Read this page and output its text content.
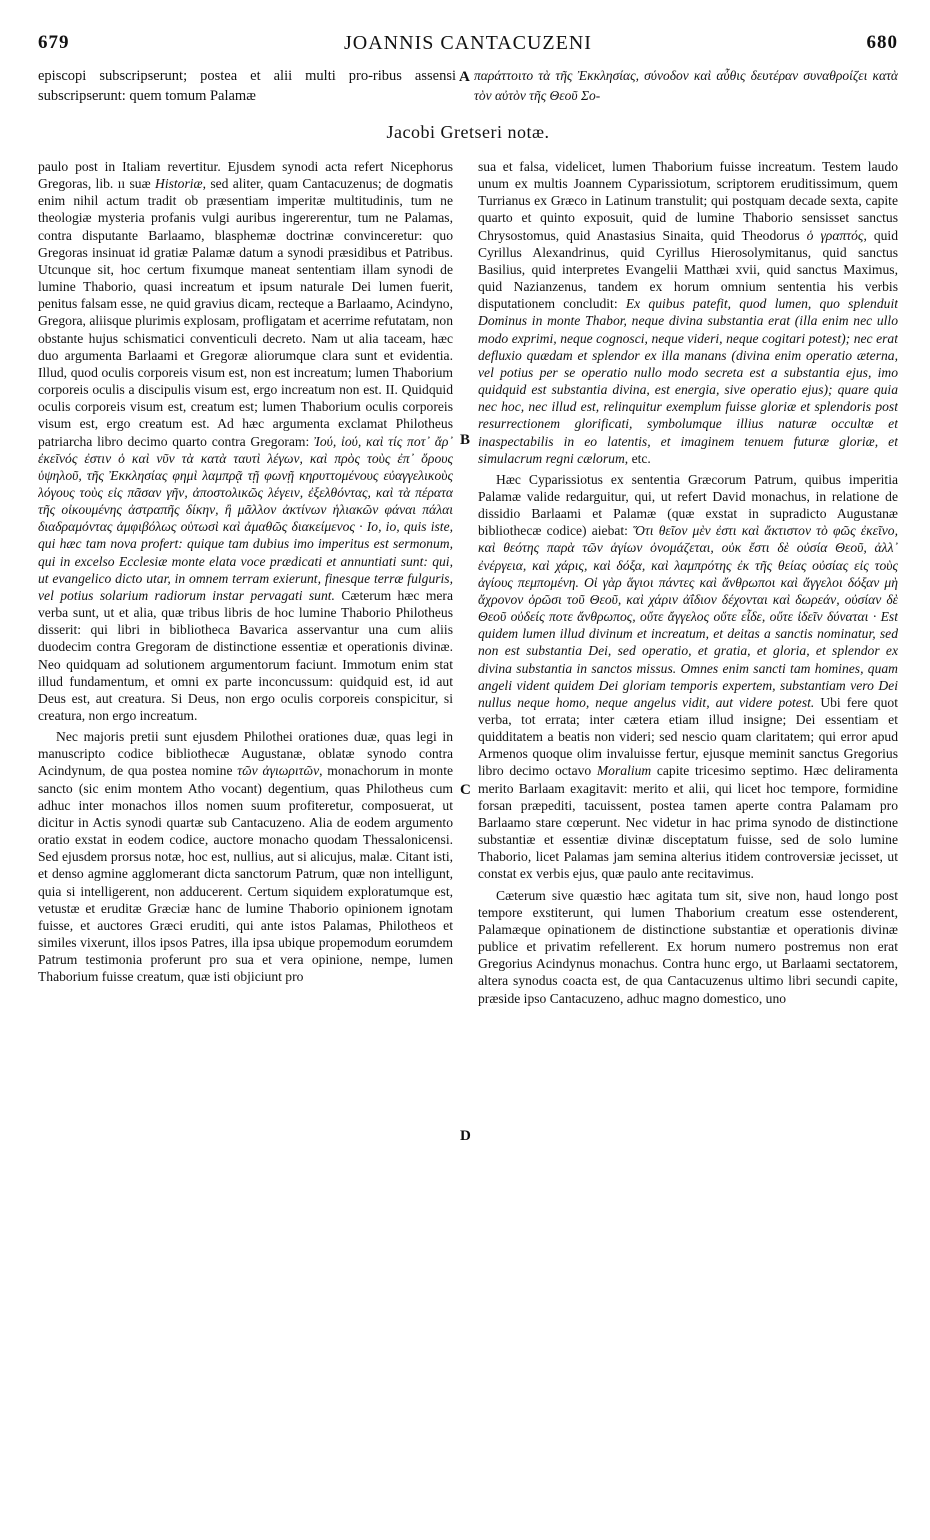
679	JOANNIS CANTACUZENI	680
episcopi subscripserunt; postea et alii multi pro-ribus assensi subscripserunt: quem tomum Palamæ
A παράττοιτο τὰ τῆς Ἐκκλησίας, σύνοδον καὶ αὖθις δευτέραν συναθροίζει κατὰ τὸν αὐτὸν τῆς Θεοῦ Σο-
Jacobi Gretseri notæ.
B
C
D

paulo post in Italiam revertitur. Ejusdem synodi acta refert Nicephorus Gregoras, lib. ıı suæ Historiæ, sed aliter, quam Cantacuzenus; de dogmatis enim nihil actum tradit ob præsentiam imperitæ multitudinis, tum ne theologiæ mysteria profanis vulgi auribus ingererentur, tum ne Palamas, contra disputante Barlaamo, blasphemæ doctrinæ convinceretur: quo Gregoras insinuat id gratiæ Palamæ datum a synodi præsidibus et Patribus. Utcunque sit, hoc certum fixumque maneat sententiam illam synodi de lumine Thaborio, quasi increatum et ipsum naturale Dei lumen fuerit, penitus falsam esse, ne quid gravius dicam, recteque a Barlaamo, Acindyno, Gregora, aliisque plurimis explosam, profligatam et acerrime refutatam, non obstante hujus schismatici conventiculi decreto. Nam ut alia taceam, hæc duo argumenta Barlaami et Gregoræ aliorumque clara sunt et evidentia. Illud, quod oculis corporeis visum est, non est increatum; lumen Thaborium corporeis oculis a discipulis visum est, ergo increatum non est. II. Quidquid oculis corporeis visum est, creatum est; lumen Thaborium oculis corporeis visum est, ergo creatum est. Ad hæc argumenta exclamat Philotheus patriarcha libro decimo quarto contra Gregoram: Ἰού, ἰού, καὶ τίς ποτ᾽ ἄρ᾽ ἐκεῖνός ἐστιν ὁ καὶ νῦν τὰ κατὰ ταυτὶ λέγων, καὶ πρὸς τοὺς ἐπ᾽ ὄρους ὑψηλοῦ, τῆς Ἐκκλησίας φημὶ λαμπρᾷ τῇ φωνῇ κηρυττομένους εὐαγγελικοὺς λόγους τοὺς εἰς πᾶσαν γῆν, ἀποστολικῶς λέγειν, ἐξελθόντας, καὶ τὰ πέρατα τῆς οἰκουμένης ἀστραπῆς δίκην, ἢ μᾶλλον ἀκτίνων ἡλιακῶν φάναι πάλαι διαδραμόντας ἀμφιβόλως οὑτωσὶ καὶ ἀμαθῶς διακείμενος · Io, io, quis iste, qui hæc tam nova profert: quique tam dubius imo imperitus est sermonum, qui in excelso Ecclesiæ monte elata voce prædicati et annuntiati sunt: qui, ut evangelico dicto utar, in omnem terram exierunt, finesque terræ fulguris, vel potius solarium radiorum instar pervagati sunt. Cæterum hæc mera verba sunt, ut et alia, quæ tribus libris de hoc lumine Thaborio Philotheus disserit: qui libri in bibliotheca Bavarica asservantur una cum aliis duodecim contra Gregoram de distinctione essentiæ et operationis divinæ. Neo quidquam ad solutionem argumentorum faciunt. Immotum enim stat illud fundamentum, et omni ex parte inconcussum: quidquid est, id aut Deus est, aut creatura. Si Deus, non ergo oculis corporeis conspicitur, si creatura, non ergo increatum.

Nec majoris pretii sunt ejusdem Philothei orationes duæ, quas legi in manuscripto codice bibliothecæ Augustanæ, oblatæ synodo contra Acindynum, de qua postea nomine τῶν ἀγιωριτῶν, monachorum in monte sancto (sic enim montem Atho vocant) degentium, quas Philotheus cum adhuc inter monachos illos nomen suum profiteretur, composuerat, ut dicitur in Actis synodi quartæ sub Cantacuzeno. Alia de eodem argumento oratio exstat in eodem codice, auctore monacho quodam Thessalonicensi. Sed ejusdem prorsus notæ, hoc est, nullius, aut si alicujus, malæ. Citant isti, et denso agmine agglomerant dicta sanctorum Patrum, quæ non intelligunt, quia si intelligerent, non adducerent. Certum siquidem exploratumque est, vetustæ et eruditæ Græciæ hanc de lumine Thaborio opinionem ignotam fuisse, et auctores Græci eruditi, qui ante istos Palamas, Philotheos et similes vixerunt, illos ipsos Patres, illa ipsa ubique propemodum eorumdem Patrum testimonia proferunt pro sua et vera opinione, nempe, lumen Thaborium fuisse creatum, quæ isti objiciunt pro

sua et falsa, videlicet, lumen Thaborium fuisse increatum. Testem laudo unum ex multis Joannem Cyparissiotum, scriptorem eruditissimum, quem Turrianus ex Græco in Latinum transtulit; qui postquam decade sexta, capite quarto et quinto exposuit, quid de lumine Thaborio sensisset sanctus Chrysostomus, quid Anastasius Sinaita, quid Theodorus ὁ γραπτός, quid Cyrillus Alexandrinus, quid Cyrillus Hierosolymitanus, quid sanctus Basilius, quid interpretes Evangelii Matthæi xvii, quid sanctus Maximus, quid Nazianzenus, tandem ex horum omnium sententia his verbis disputationem concludit: Ex quibus patefit, quod lumen, quo splenduit Dominus in monte Thabor, neque divina substantia erat (illa enim nec ullo modo exprimi, neque cognosci, neque videri, neque cogitari potest); nec erat defluxio quædam et splendor ex illa manans (divina enim operatio æterna, vel potius per se operatio nullo modo secreta est a substantia ejus, imo quidquid est substantia divina, est energia, sive operatio ejus); quare quia nec hoc, nec illud est, relinquitur exemplum fuisse gloriæ et splendoris post resurrectionem glorificati, symbolumque illius naturæ occultæ et inaspectabilis in eo latentis, et imaginem tenuem futuræ gloriæ, et simulacrum regni cælorum, etc.

Hæc Cyparissiotus ex sententia Græcorum Patrum, quibus imperitia Palamæ valide redarguitur, qui, ut refert David monachus, in relatione de dissidio Barlaami et Palamæ (quæ exstat in supradicto Augustanæ bibliothecæ codice) aiebat: Ὅτι θεῖον μὲν ἐστι καὶ ἄκτιστον τὸ φῶς ἐκεῖνο, καὶ θεότης παρὰ τῶν ἁγίων ὀνομάζεται, οὐκ ἔστι δὲ οὐσία Θεοῦ, ἀλλ᾽ ἐνέργεια, καὶ χάρις, καὶ δόξα, καὶ λαμπρότης ἐκ τῆς θείας οὐσίας εἰς τοὺς ἁγίους πεμπομένη. Οἱ γὰρ ἅγιοι πάντες καὶ ἄνθρωποι καὶ ἄγγελοι δόξαν μὴ ἄχρονον ὁρῶσι τοῦ Θεοῦ, καὶ χάριν ἀΐδιον δέχονται καὶ δωρεάν, οὐσίαν δὲ Θεοῦ οὐδείς ποτε ἄνθρωπος, οὔτε ἄγγελος οὔτε εἶδε, οὔτε ἰδεῖν δύναται · Est quidem lumen illud divinum et increatum, et deitas a sanctis nominatur, sed non est substantia Dei, sed operatio, et gratia, et gloria, et splendor ex divina substantia in sanctos missus. Omnes enim sancti tam homines, quam angeli vident quidem Dei gloriam temporis expertem, substantiam vero Dei nullus neque homo, neque angelus vidit, aut videre potest. Ubi fere quot verba, tot errata; inter cætera etiam illud insigne; Dei essentiam et quidditatem a beatis non videri; sed nescio quam claritatem; qui error apud Armenos quoque olim invaluisse fertur, ejusque meminit sanctus Gregorius libro decimo octavo Moralium capite tricesimo septimo. Hæc deliramenta merito Barlaam exagitavit: merito et alii, qui licet hoc tempore, formidine forsan præpediti, tacuissent, postea tamen aperte contra Palamam pro Barlaamo stare cœperunt. Nec videtur in hac prima synodo de distinctione substantiæ et essentiæ divinæ disceptatum fuisse, sed de solo lumine Thaborio, licet Palamas jam semina alterius itidem controversiæ jecisset, ut constat ex verbis ejus, quæ paulo ante recitavimus.

Cæterum sive quæstio hæc agitata tum sit, sive non, haud longo post tempore exstiterunt, qui lumen Thaborium creatum esse ostenderent, Palamæque opinationem de distinctione substantiæ et operationis divinæ publice et privatim refellerent. Ex horum numero postremus non erat Gregorius Acindynus monachus. Contra hunc ergo, ut Barlaami sectatorem, altera synodus coacta est, de qua Cantacuzenus ultimo libri secundi capite, præside ipso Cantacuzeno, adhuc magno domestico, uno
